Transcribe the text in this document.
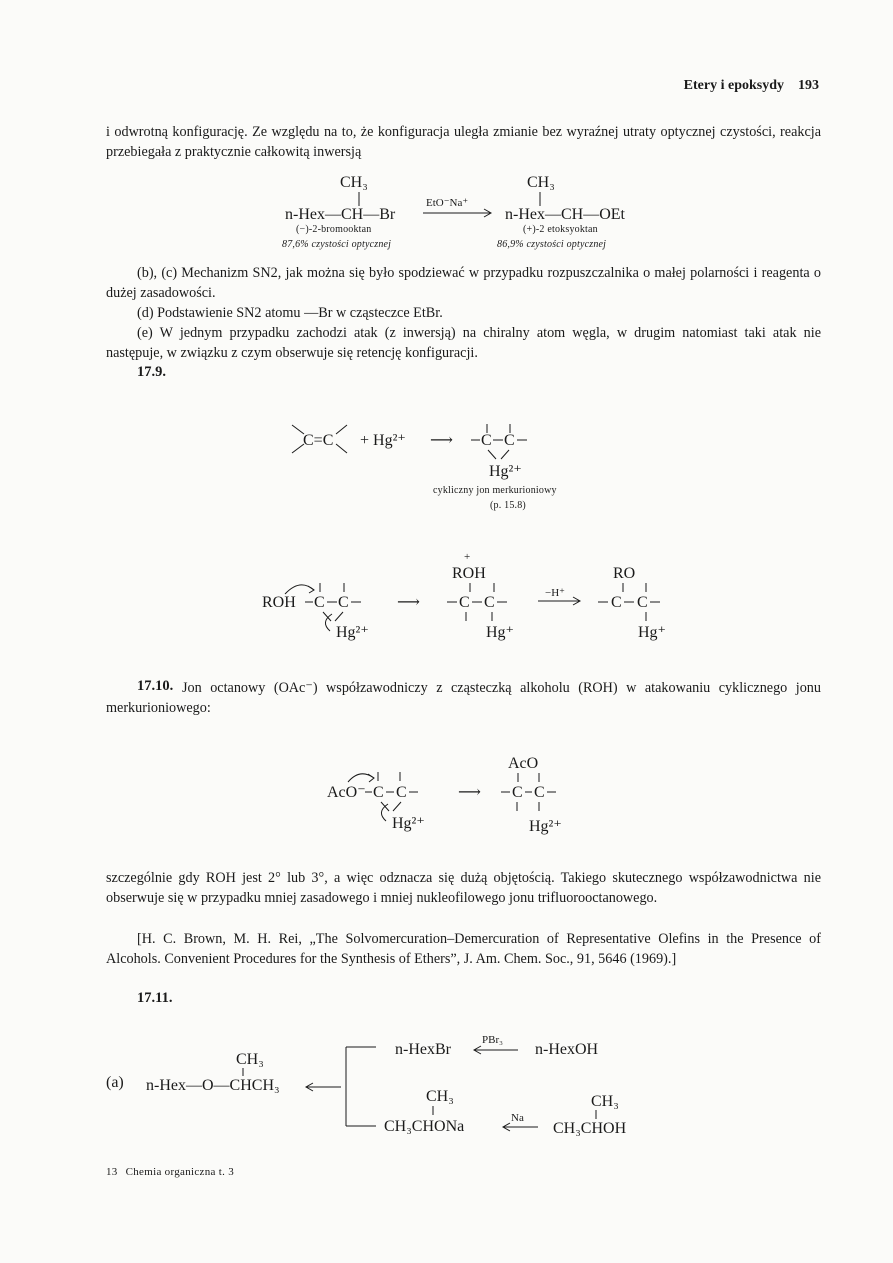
Etery i epoksydy 193

i odwrotną konfigurację. Ze względu na to, że konfiguracja uległa zmianie bez wyraźnej utraty optycznej czystości, reakcja przebiegała z praktycznie całkowitą inwersją

CH₃
n-Hex—CH—Br
EtO⁻Na⁺
CH₃
n-Hex—CH—OEt
(−)-2-bromooktan
87,6% czystości optycznej
(+)-2 etoksyoktan
86,9% czystości optycznej

(b), (c) Mechanizm SN2, jak można się było spodziewać w przypadku rozpuszczalnika o małej polarności i reagenta o dużej zasadowości.

(d) Podstawienie SN2 atomu —Br w cząsteczce EtBr.

(e) W jednym przypadku zachodzi atak (z inwersją) na chiralny atom węgla, w drugim natomiast taki atak nie następuje, w związku z czym obserwuje się retencję konfiguracji.

17.9.
C=C + Hg²⁺ ⟶ C C
Hg²⁺
cykliczny jon merkurioniowy
(p. 15.8)
ROH C C
Hg²⁺
⟶
+
ROH
C C
Hg⁺
−H⁺
RO
C C
Hg⁺
17.10. Jon octanowy (OAc⁻) współzawodniczy z cząsteczką alkoholu (ROH) w atakowaniu cyklicznego jonu merkurioniowego:

AcO⁻ C C
Hg²⁺
⟶
AcO
C C
Hg²⁺

szczególnie gdy ROH jest 2° lub 3°, a więc odznacza się dużą objętością. Takiego skutecznego współzawodnictwa nie obserwuje się w przypadku mniej zasadowego i mniej nukleofilowego jonu trifluorooctanowego.

[H. C. Brown, M. H. Rei, „The Solvomercuration–Demercuration of Representative Olefins in the Presence of Alcohols. Convenient Procedures for the Synthesis of Ethers”, J. Am. Chem. Soc., 91, 5646 (1969).]

17.11.
(a)
CH₃
n-Hex—O—CHCH₃
n-HexBr
PBr₃
n-HexOH
CH₃
CH₃CHONa	Na
CH₃
CH₃CHOH
13 Chemia organiczna t. 3
